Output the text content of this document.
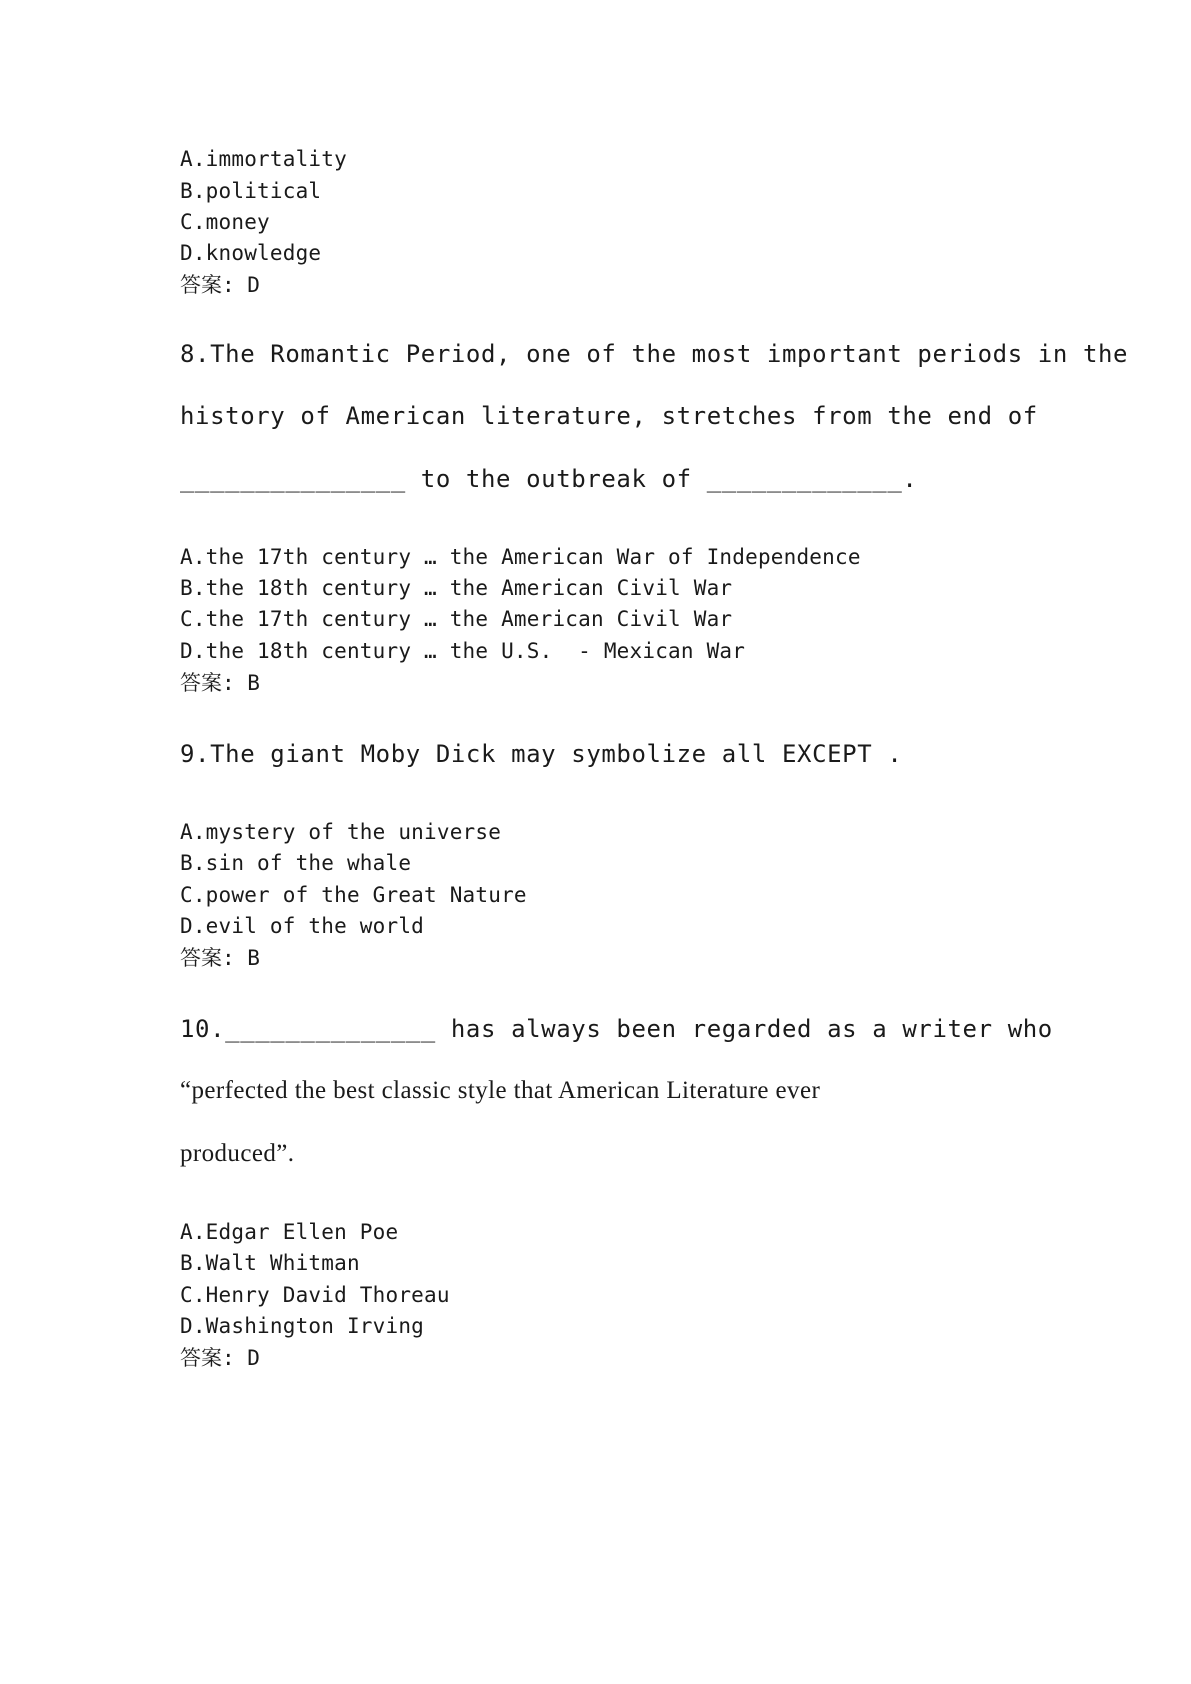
A.immortality
B.political
C.money
D.knowledge
答案: D
8.The Romantic Period, one of the most important periods in the
history of American literature, stretches from the end of
_______________ to the outbreak of _____________.
A.the 17th century … the American War of Independence
B.the 18th century … the American Civil War
C.the 17th century … the American Civil War
D.the 18th century … the U.S.  - Mexican War
答案: B
9.The giant Moby Dick may symbolize all EXCEPT .
A.mystery of the universe
B.sin of the whale
C.power of the Great Nature
D.evil of the world
答案: B
10.______________ has always been regarded as a writer who
“perfected the best classic style that American Literature ever
produced”.
A.Edgar Ellen Poe
B.Walt Whitman
C.Henry David Thoreau
D.Washington Irving
答案: D
